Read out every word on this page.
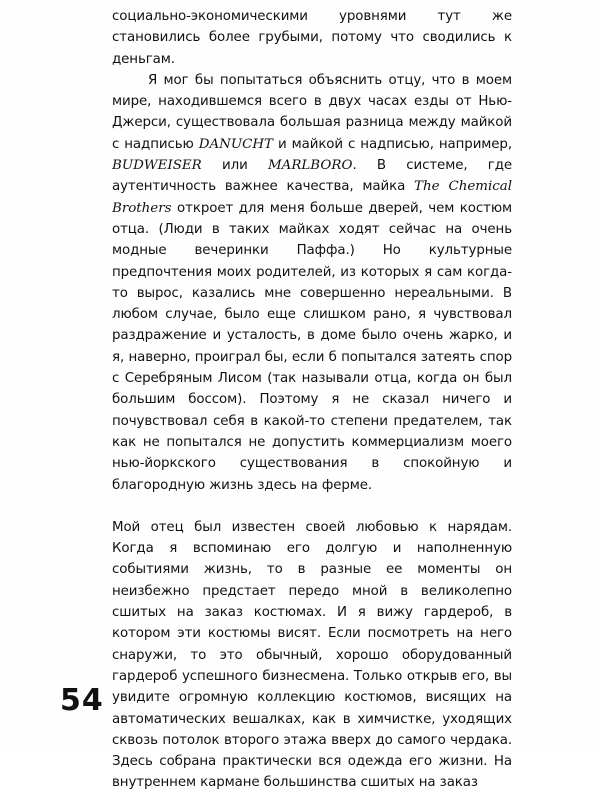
социально-экономическими уровнями тут же становились более грубыми, потому что сводились к деньгам.

Я мог бы попытаться объяснить отцу, что в моем мире, находившемся всего в двух часах езды от Нью-Джерси, существовала большая разница между майкой с надписью DANUCHT и майкой с надписью, например, BUDWEISER или MARLBORO. В системе, где аутентичность важнее качества, майка The Chemical Brothers откроет для меня больше дверей, чем костюм отца. (Люди в таких майках ходят сейчас на очень модные вечеринки Паффа.) Но культурные предпочтения моих родителей, из которых я сам когда-то вырос, казались мне совершенно нереальными. В любом случае, было еще слишком рано, я чувствовал раздражение и усталость, в доме было очень жарко, и я, наверно, проиграл бы, если б попытался затеять спор с Серебряным Лисом (так называли отца, когда он был большим боссом). Поэтому я не сказал ничего и почувствовал себя в какой-то степени предателем, так как не попытался не допустить коммерциализм моего нью-йоркского существования в спокойную и благородную жизнь здесь на ферме.

Мой отец был известен своей любовью к нарядам. Когда я вспоминаю его долгую и наполненную событиями жизнь, то в разные ее моменты он неизбежно предстает передо мной в великолепно сшитых на заказ костюмах. И я вижу гардероб, в котором эти костюмы висят. Если посмотреть на него снаружи, то это обычный, хорошо оборудованный гардероб успешного бизнесмена. Только открыв его, вы увидите огромную коллекцию костюмов, висящих на автоматических вешалках, как в химчистке, уходящих сквозь потолок второго этажа вверх до самого чердака. Здесь собрана практически вся одежда его жизни. На внутреннем кармане большинства сшитых на заказ

54
